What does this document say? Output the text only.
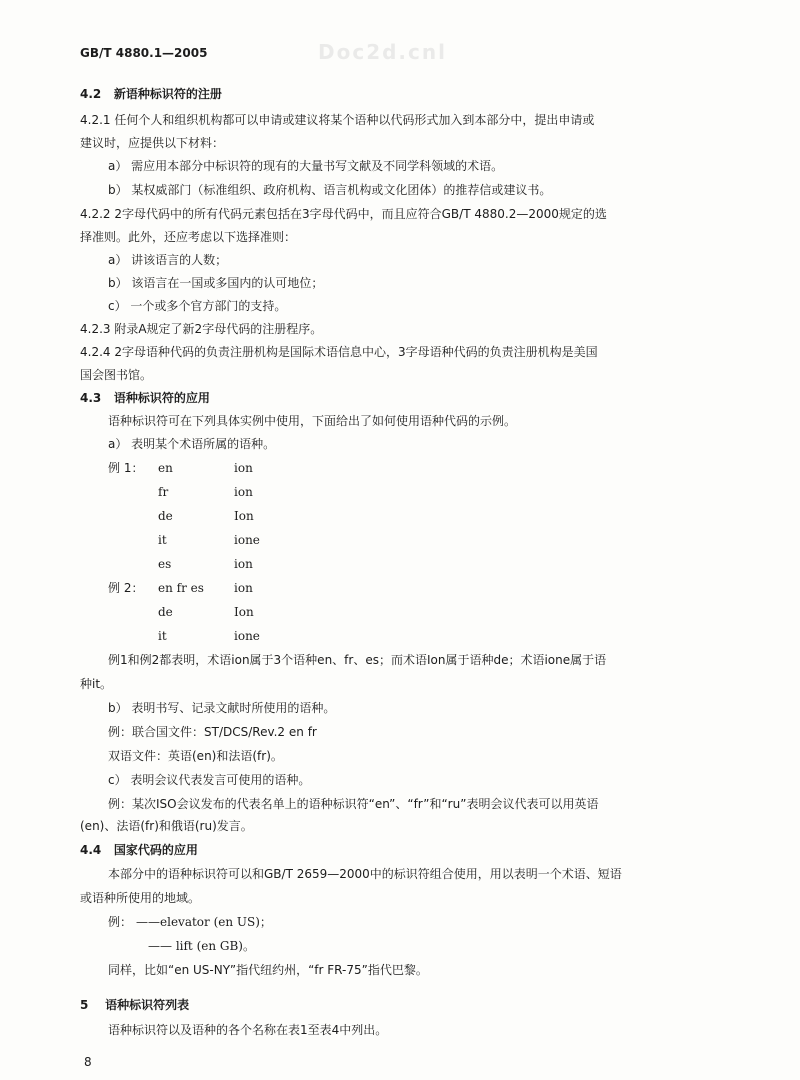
GB/T 4880.1—2005	Doc2d.cnl
4.2 新语种标识符的注册
4.2.1 任何个人和组织机构都可以申请或建议将某个语种以代码形式加入到本部分中，提出申请或
建议时，应提供以下材料：
a） 需应用本部分中标识符的现有的大量书写文献及不同学科领域的术语。
b） 某权威部门（标准组织、政府机构、语言机构或文化团体）的推荐信或建议书。
4.2.2 2字母代码中的所有代码元素包括在3字母代码中，而且应符合GB/T 4880.2—2000规定的选
择准则。此外，还应考虑以下选择准则：
a） 讲该语言的人数；
b） 该语言在一国或多国内的认可地位；
c） 一个或多个官方部门的支持。
4.2.3 附录A规定了新2字母代码的注册程序。
4.2.4 2字母语种代码的负责注册机构是国际术语信息中心，3字母语种代码的负责注册机构是美国
国会图书馆。
4.3 语种标识符的应用
语种标识符可在下列具体实例中使用，下面给出了如何使用语种代码的示例。
a） 表明某个术语所属的语种。
例 1： en	ion
fr	ion
de	Ion
it	ione
es	ion
例 2： en fr es	ion
de	Ion
it	ione
例1和例2都表明，术语ion属于3个语种en、fr、es；而术语Ion属于语种de；术语ione属于语
种it。
b） 表明书写、记录文献时所使用的语种。
例：联合国文件：ST/DCS/Rev.2 en fr
双语文件：英语(en)和法语(fr)。
c） 表明会议代表发言可使用的语种。
例：某次ISO会议发布的代表名单上的语种标识符“en”、“fr”和“ru”表明会议代表可以用英语
(en)、法语(fr)和俄语(ru)发言。
4.4 国家代码的应用
本部分中的语种标识符可以和GB/T 2659—2000中的标识符组合使用，用以表明一个术语、短语
或语种所使用的地域。
例： ——elevator (en US)；
—— lift (en GB)。
同样，比如“en US-NY”指代纽约州，“fr FR-75”指代巴黎。
5 语种标识符列表
语种标识符以及语种的各个名称在表1至表4中列出。
8
